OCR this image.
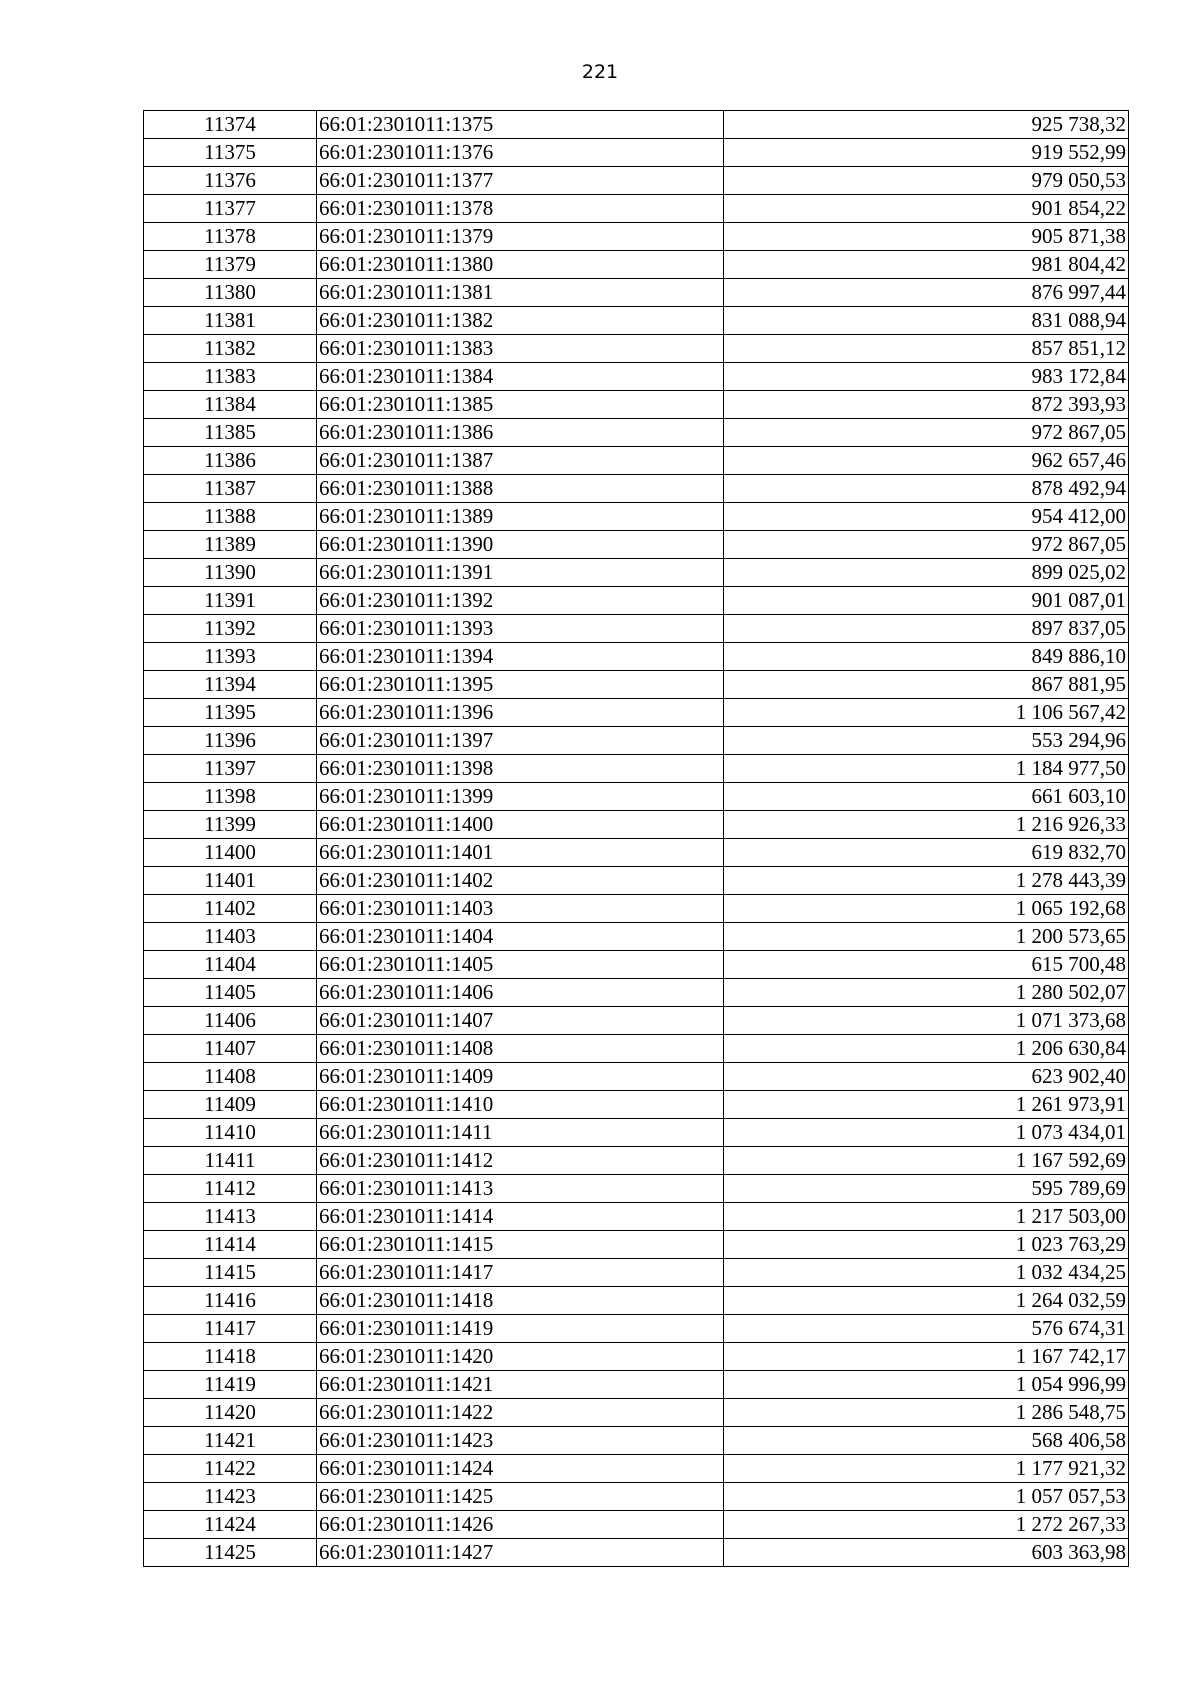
221
11374	66:01:2301011:1375	925 738,32
11375	66:01:2301011:1376	919 552,99
11376	66:01:2301011:1377	979 050,53
11377	66:01:2301011:1378	901 854,22
11378	66:01:2301011:1379	905 871,38
11379	66:01:2301011:1380	981 804,42
11380	66:01:2301011:1381	876 997,44
11381	66:01:2301011:1382	831 088,94
11382	66:01:2301011:1383	857 851,12
11383	66:01:2301011:1384	983 172,84
11384	66:01:2301011:1385	872 393,93
11385	66:01:2301011:1386	972 867,05
11386	66:01:2301011:1387	962 657,46
11387	66:01:2301011:1388	878 492,94
11388	66:01:2301011:1389	954 412,00
11389	66:01:2301011:1390	972 867,05
11390	66:01:2301011:1391	899 025,02
11391	66:01:2301011:1392	901 087,01
11392	66:01:2301011:1393	897 837,05
11393	66:01:2301011:1394	849 886,10
11394	66:01:2301011:1395	867 881,95
11395	66:01:2301011:1396	1 106 567,42
11396	66:01:2301011:1397	553 294,96
11397	66:01:2301011:1398	1 184 977,50
11398	66:01:2301011:1399	661 603,10
11399	66:01:2301011:1400	1 216 926,33
11400	66:01:2301011:1401	619 832,70
11401	66:01:2301011:1402	1 278 443,39
11402	66:01:2301011:1403	1 065 192,68
11403	66:01:2301011:1404	1 200 573,65
11404	66:01:2301011:1405	615 700,48
11405	66:01:2301011:1406	1 280 502,07
11406	66:01:2301011:1407	1 071 373,68
11407	66:01:2301011:1408	1 206 630,84
11408	66:01:2301011:1409	623 902,40
11409	66:01:2301011:1410	1 261 973,91
11410	66:01:2301011:1411	1 073 434,01
11411	66:01:2301011:1412	1 167 592,69
11412	66:01:2301011:1413	595 789,69
11413	66:01:2301011:1414	1 217 503,00
11414	66:01:2301011:1415	1 023 763,29
11415	66:01:2301011:1417	1 032 434,25
11416	66:01:2301011:1418	1 264 032,59
11417	66:01:2301011:1419	576 674,31
11418	66:01:2301011:1420	1 167 742,17
11419	66:01:2301011:1421	1 054 996,99
11420	66:01:2301011:1422	1 286 548,75
11421	66:01:2301011:1423	568 406,58
11422	66:01:2301011:1424	1 177 921,32
11423	66:01:2301011:1425	1 057 057,53
11424	66:01:2301011:1426	1 272 267,33
11425	66:01:2301011:1427	603 363,98
